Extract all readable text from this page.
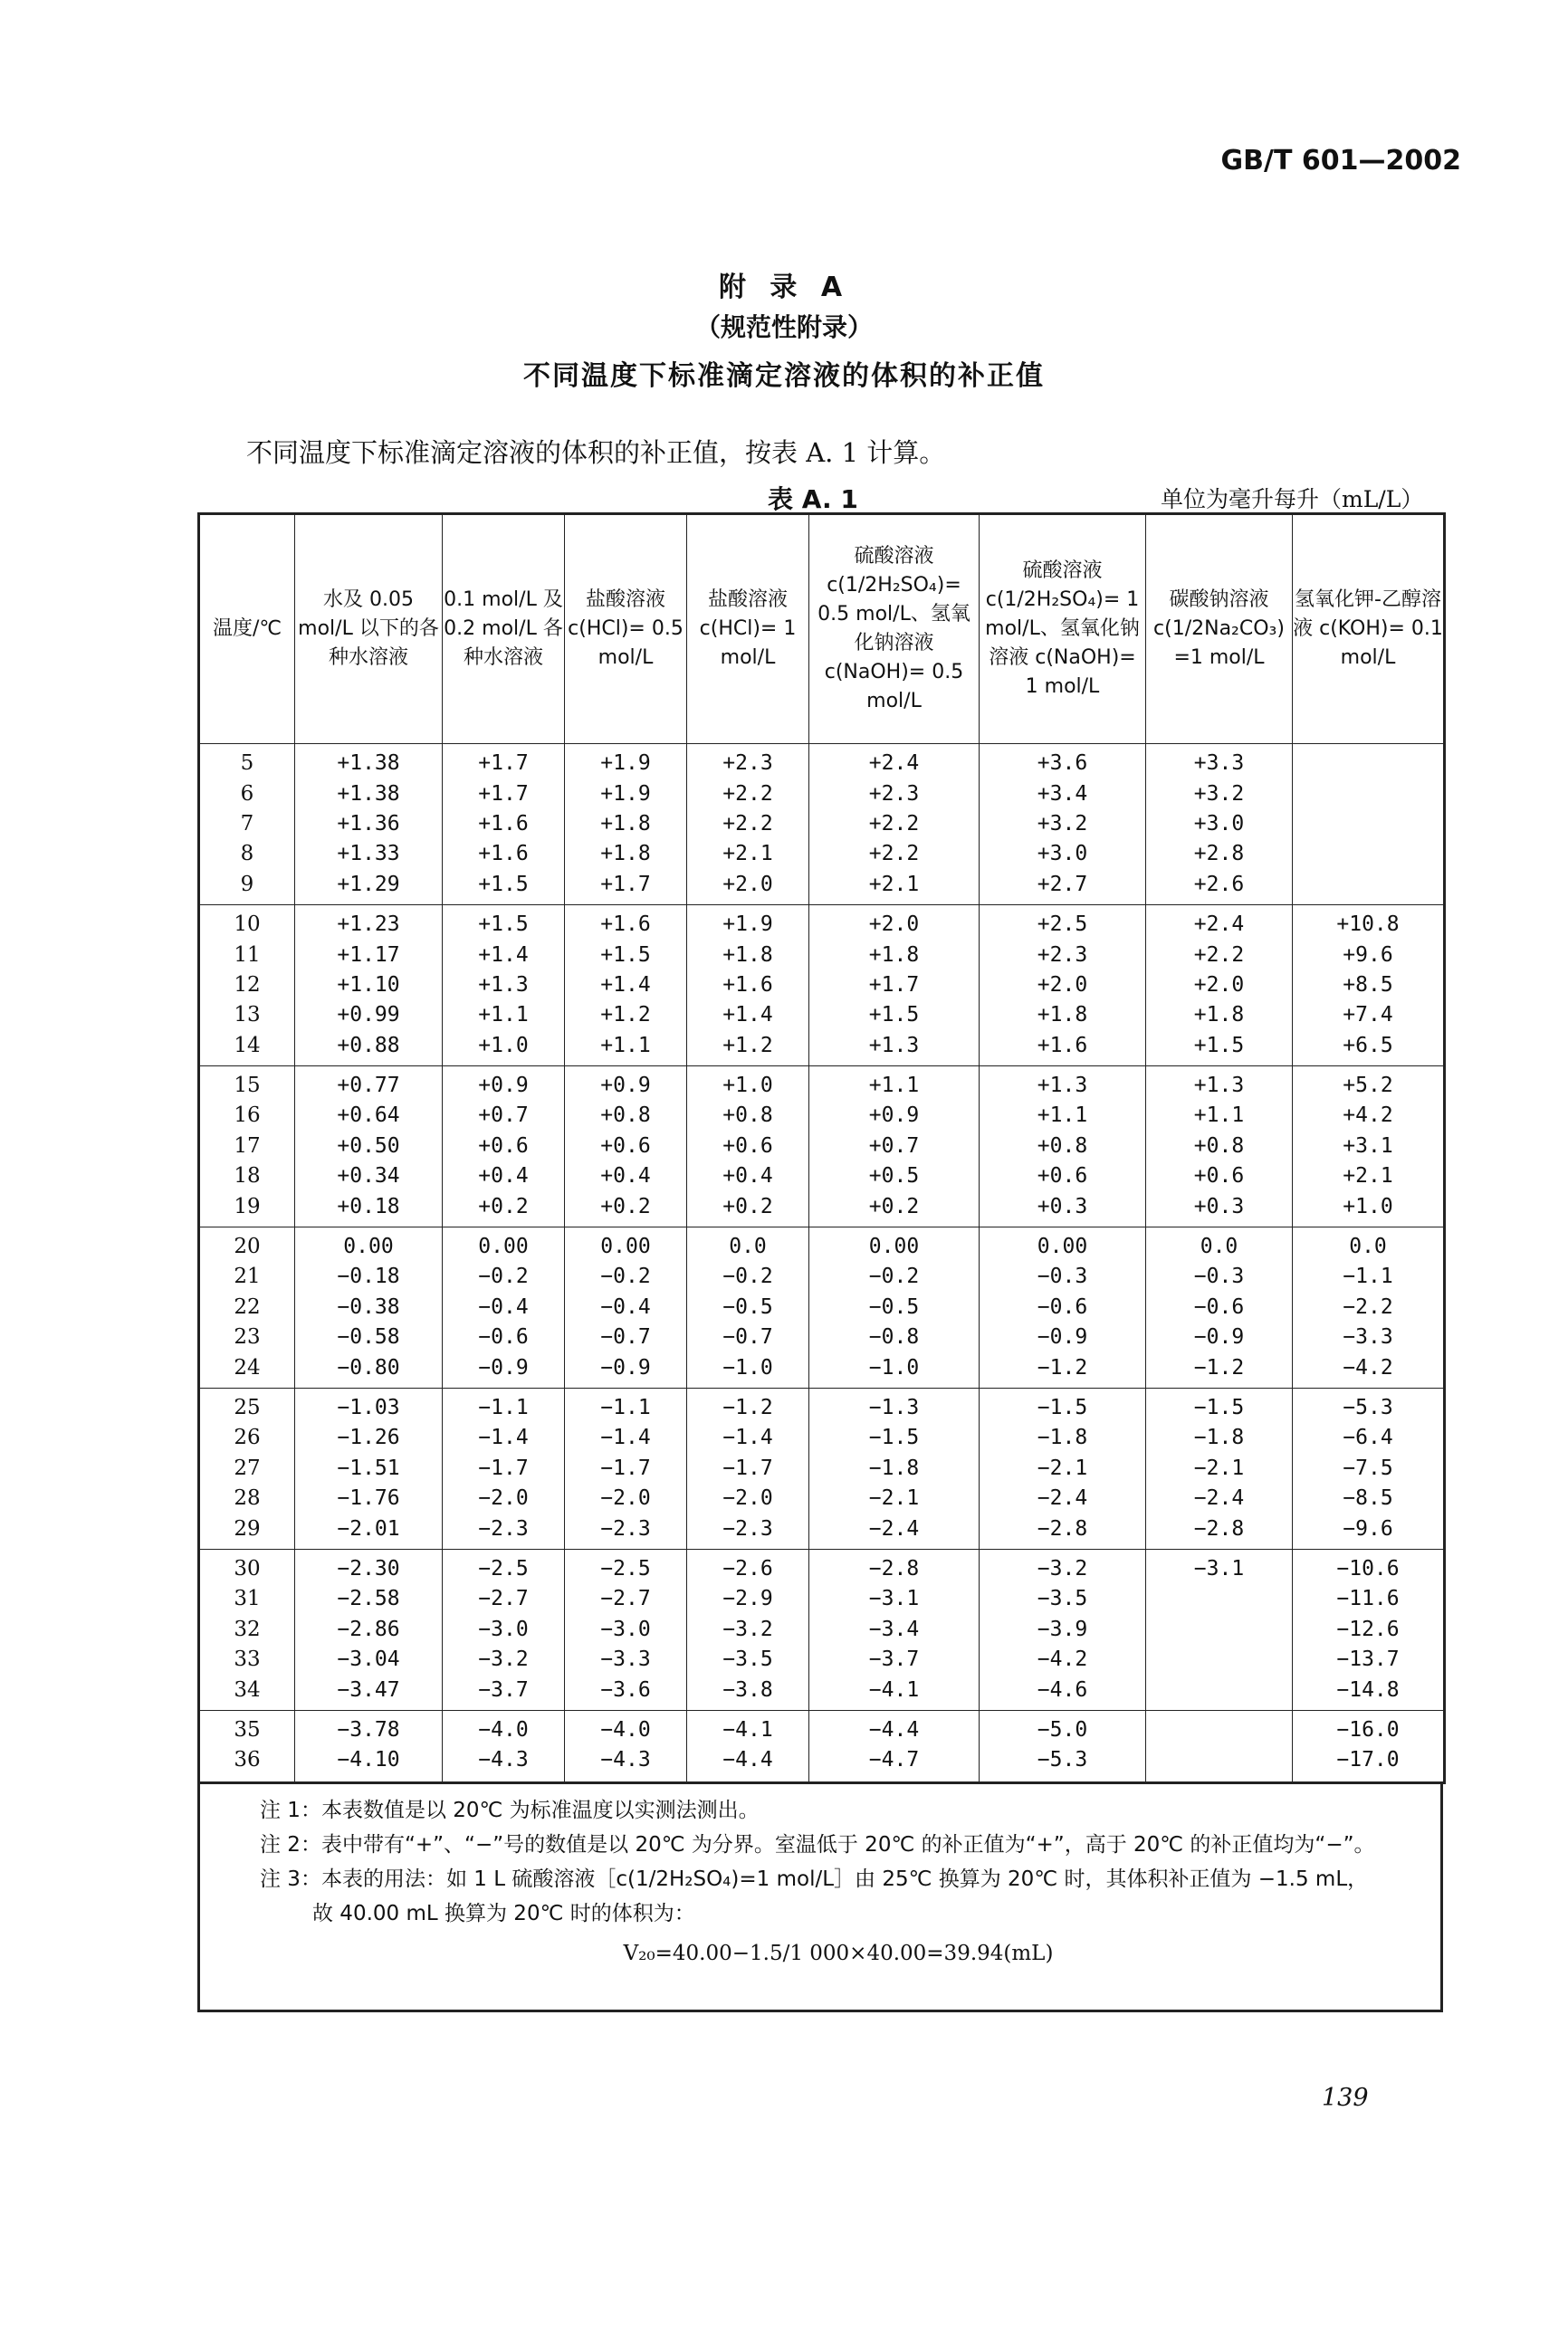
GB/T 601—2002
附 录 A
（规范性附录）
不同温度下标准滴定溶液的体积的补正值
不同温度下标准滴定溶液的体积的补正值，按表 A. 1 计算。
表 A. 1	单位为毫升每升（mL/L）
温度/℃	水及 0.05 mol/L 以下的各种水溶液	0.1 mol/L 及 0.2 mol/L 各种水溶液	盐酸溶液 c(HCl)= 0.5 mol/L	盐酸溶液 c(HCl)= 1 mol/L	硫酸溶液 c(1/2H₂SO₄)= 0.5 mol/L、氢氧化钠溶液 c(NaOH)= 0.5 mol/L	硫酸溶液 c(1/2H₂SO₄)= 1 mol/L、氢氧化钠溶液 c(NaOH)= 1 mol/L	碳酸钠溶液 c(1/2Na₂CO₃) =1 mol/L	氢氧化钾-乙醇溶液 c(KOH)= 0.1 mol/L
5	+1.38	+1.7	+1.9	+2.3	+2.4	+3.6	+3.3	
6	+1.38	+1.7	+1.9	+2.2	+2.3	+3.4	+3.2	
7	+1.36	+1.6	+1.8	+2.2	+2.2	+3.2	+3.0	
8	+1.33	+1.6	+1.8	+2.1	+2.2	+3.0	+2.8	
9	+1.29	+1.5	+1.7	+2.0	+2.1	+2.7	+2.6	
10	+1.23	+1.5	+1.6	+1.9	+2.0	+2.5	+2.4	+10.8
11	+1.17	+1.4	+1.5	+1.8	+1.8	+2.3	+2.2	+9.6
12	+1.10	+1.3	+1.4	+1.6	+1.7	+2.0	+2.0	+8.5
13	+0.99	+1.1	+1.2	+1.4	+1.5	+1.8	+1.8	+7.4
14	+0.88	+1.0	+1.1	+1.2	+1.3	+1.6	+1.5	+6.5
15	+0.77	+0.9	+0.9	+1.0	+1.1	+1.3	+1.3	+5.2
16	+0.64	+0.7	+0.8	+0.8	+0.9	+1.1	+1.1	+4.2
17	+0.50	+0.6	+0.6	+0.6	+0.7	+0.8	+0.8	+3.1
18	+0.34	+0.4	+0.4	+0.4	+0.5	+0.6	+0.6	+2.1
19	+0.18	+0.2	+0.2	+0.2	+0.2	+0.3	+0.3	+1.0
20	0.00	0.00	0.00	0.0	0.00	0.00	0.0	0.0
21	−0.18	−0.2	−0.2	−0.2	−0.2	−0.3	−0.3	−1.1
22	−0.38	−0.4	−0.4	−0.5	−0.5	−0.6	−0.6	−2.2
23	−0.58	−0.6	−0.7	−0.7	−0.8	−0.9	−0.9	−3.3
24	−0.80	−0.9	−0.9	−1.0	−1.0	−1.2	−1.2	−4.2
25	−1.03	−1.1	−1.1	−1.2	−1.3	−1.5	−1.5	−5.3
26	−1.26	−1.4	−1.4	−1.4	−1.5	−1.8	−1.8	−6.4
27	−1.51	−1.7	−1.7	−1.7	−1.8	−2.1	−2.1	−7.5
28	−1.76	−2.0	−2.0	−2.0	−2.1	−2.4	−2.4	−8.5
29	−2.01	−2.3	−2.3	−2.3	−2.4	−2.8	−2.8	−9.6
30	−2.30	−2.5	−2.5	−2.6	−2.8	−3.2	−3.1	−10.6
31	−2.58	−2.7	−2.7	−2.9	−3.1	−3.5		−11.6
32	−2.86	−3.0	−3.0	−3.2	−3.4	−3.9		−12.6
33	−3.04	−3.2	−3.3	−3.5	−3.7	−4.2		−13.7
34	−3.47	−3.7	−3.6	−3.8	−4.1	−4.6		−14.8
35	−3.78	−4.0	−4.0	−4.1	−4.4	−5.0		−16.0
36	−4.10	−4.3	−4.3	−4.4	−4.7	−5.3		−17.0

注 1：本表数值是以 20℃ 为标准温度以实测法测出。

注 2：表中带有“+”、“−”号的数值是以 20℃ 为分界。室温低于 20℃ 的补正值为“+”，高于 20℃ 的补正值均为“−”。

注 3：本表的用法：如 1 L 硫酸溶液［c(1/2H₂SO₄)=1 mol/L］由 25℃ 换算为 20℃ 时，其体积补正值为 −1.5 mL，

故 40.00 mL 换算为 20℃ 时的体积为：

V₂₀=40.00−1.5/1 000×40.00=39.94(mL)

139
